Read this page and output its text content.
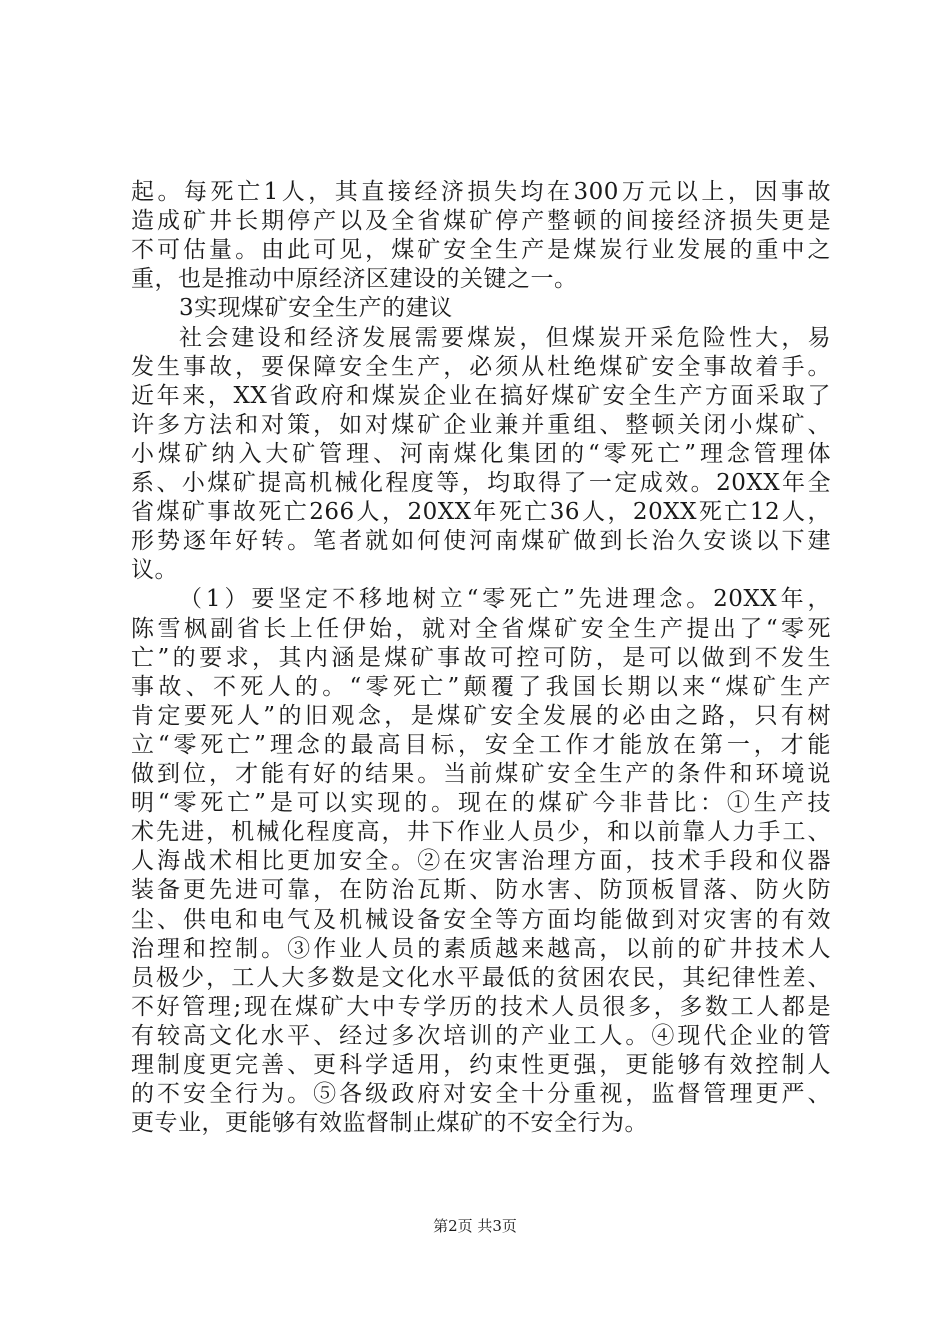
起。每死亡1人，其直接经济损失均在300万元以上，因事故
造成矿井长期停产以及全省煤矿停产整顿的间接经济损失更是
不可估量。由此可见，煤矿安全生产是煤炭行业发展的重中之
重，也是推动中原经济区建设的关键之一。
3实现煤矿安全生产的建议
社会建设和经济发展需要煤炭，但煤炭开采危险性大，易
发生事故，要保障安全生产，必须从杜绝煤矿安全事故着手。
近年来，XX省政府和煤炭企业在搞好煤矿安全生产方面采取了
许多方法和对策，如对煤矿企业兼并重组、整顿关闭小煤矿、
小煤矿纳入大矿管理、河南煤化集团的“零死亡”理念管理体
系、小煤矿提高机械化程度等，均取得了一定成效。20XX年全
省煤矿事故死亡266人，20XX年死亡36人，20XX死亡12人，
形势逐年好转。笔者就如何使河南煤矿做到长治久安谈以下建
议。
（1）要坚定不移地树立“零死亡”先进理念。20XX年，
陈雪枫副省长上任伊始，就对全省煤矿安全生产提出了“零死
亡”的要求，其内涵是煤矿事故可控可防，是可以做到不发生
事故、不死人的。“零死亡”颠覆了我国长期以来“煤矿生产
肯定要死人”的旧观念，是煤矿安全发展的必由之路，只有树
立“零死亡”理念的最高目标，安全工作才能放在第一，才能
做到位，才能有好的结果。当前煤矿安全生产的条件和环境说
明“零死亡”是可以实现的。现在的煤矿今非昔比：①生产技
术先进，机械化程度高，井下作业人员少，和以前靠人力手工、
人海战术相比更加安全。②在灾害治理方面，技术手段和仪器
装备更先进可靠，在防治瓦斯、防水害、防顶板冒落、防火防
尘、供电和电气及机械设备安全等方面均能做到对灾害的有效
治理和控制。③作业人员的素质越来越高，以前的矿井技术人
员极少，工人大多数是文化水平最低的贫困农民，其纪律性差、
不好管理;现在煤矿大中专学历的技术人员很多，多数工人都是
有较高文化水平、经过多次培训的产业工人。④现代企业的管
理制度更完善、更科学适用，约束性更强，更能够有效控制人
的不安全行为。⑤各级政府对安全十分重视，监督管理更严、
更专业，更能够有效监督制止煤矿的不安全行为。
第2页 共3页
